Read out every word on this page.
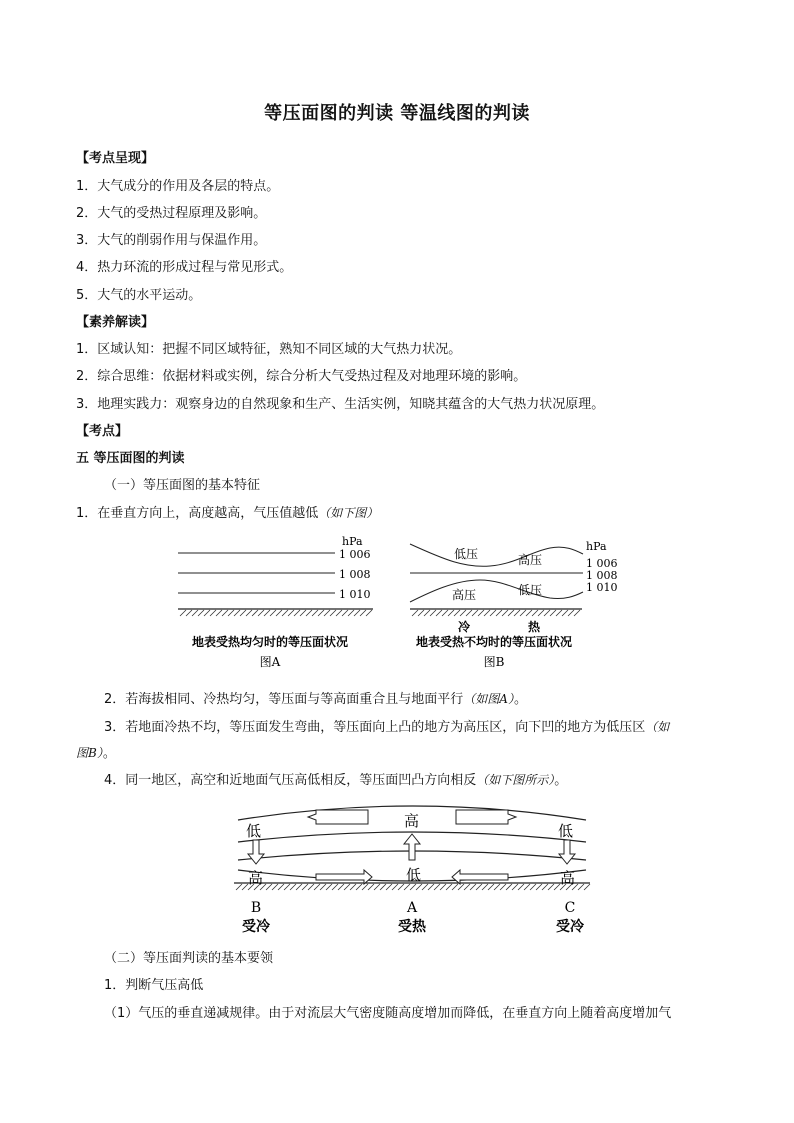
等压面图的判读 等温线图的判读
【考点呈现】
1．大气成分的作用及各层的特点。
2．大气的受热过程原理及影响。
3．大气的削弱作用与保温作用。
4．热力环流的形成过程与常见形式。
5．大气的水平运动。
【素养解读】
1．区域认知：把握不同区域特征，熟知不同区域的大气热力状况。
2．综合思维：依据材料或实例，综合分析大气受热过程及对地理环境的影响。
3．地理实践力：观察身边的自然现象和生产、生活实例，知晓其蕴含的大气热力状况原理。
【考点】
五 等压面图的判读
（一）等压面图的基本特征
1．在垂直方向上，高度越高，气压值越低（如下图）
hPa
1 006
1 008
1 010
地表受热均匀时的等压面状况
图A
低压	高压
高压	低压
hPa
1 006
1 008
1 010
冷	热
地表受热不均时的等压面状况
图B
2．若海拔相同、冷热均匀，等压面与等高面重合且与地面平行（如图A）。
3．若地面冷热不均，等压面发生弯曲，等压面向上凸的地方为高压区，向下凹的地方为低压区（如
图B）。
4．同一地区，高空和近地面气压高低相反，等压面凹凸方向相反（如下图所示）。
低
高
低
高	低	高
B	A	C
受冷	受热	受冷
（二）等压面判读的基本要领
1．判断气压高低
（1）气压的垂直递减规律。由于对流层大气密度随高度增加而降低，在垂直方向上随着高度增加气
